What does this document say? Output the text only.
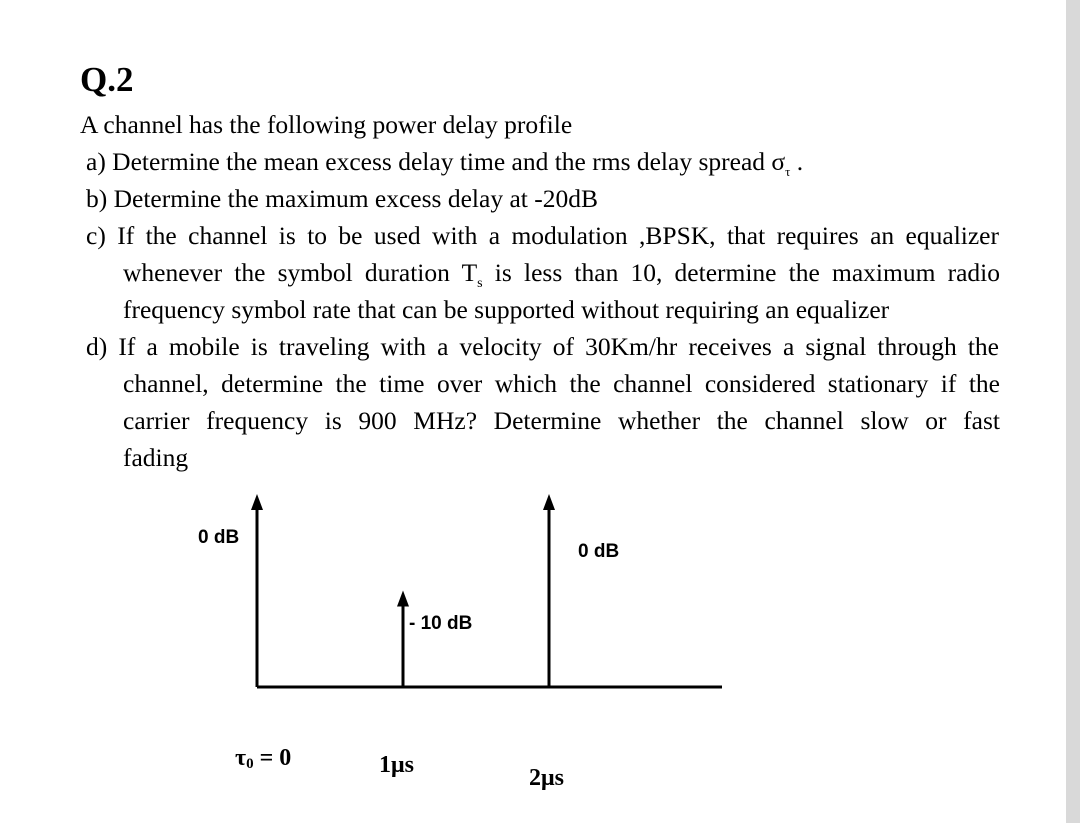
Q.2
A channel has the following power delay profile
a) Determine the mean excess delay time and the rms delay spread $\sigma_\tau$ .
b) Determine the maximum excess delay at -20dB
c) If the channel is to be used with a modulation ,BPSK, that requires an equalizer
whenever the symbol duration $T_s$ is less than 10, determine the maximum radio
frequency symbol rate that can be supported without requiring an equalizer
d) If a mobile is traveling with a velocity of 30Km/hr receives a signal through the
channel, determine the time over which the channel considered stationary if the
carrier frequency is 900 MHz? Determine whether the channel slow or fast
fading
0 dB
- 10 dB
0 dB
τ0 = 0	1μs	2μs
